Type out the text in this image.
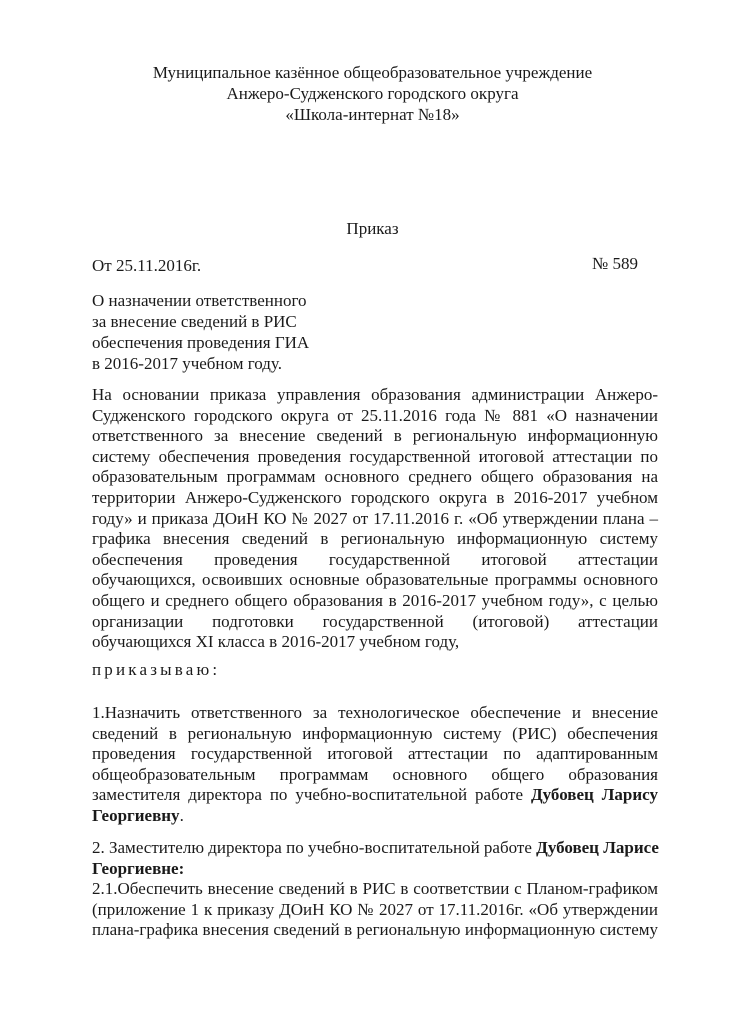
Муниципальное казённое общеобразовательное учреждение
Анжеро-Судженского городского округа
«Школа-интернат №18»
Приказ
От 25.11.2016г.	№ 589
О назначении ответственного
за внесение сведений в РИС
обеспечения проведения ГИА
в 2016-2017 учебном году.
На основании приказа управления образования администрации Анжеро-
Судженского городского округа от 25.11.2016 года № 881 «О назначении
ответственного за внесение сведений в региональную информационную
систему обеспечения проведения государственной итоговой аттестации по
образовательным программам основного среднего общего образования на
территории Анжеро-Судженского городского округа в 2016-2017 учебном
году» и приказа ДОиН КО № 2027 от 17.11.2016 г. «Об утверждении плана –
графика внесения сведений в региональную информационную систему
обеспечения проведения государственной итоговой аттестации
обучающихся, освоивших основные образовательные программы основного
общего и среднего общего образования в 2016-2017 учебном году», с целью
организации подготовки государственной (итоговой) аттестации
обучающихся XI класса в 2016-2017 учебном году,
приказываю:
1.Назначить ответственного за технологическое обеспечение и внесение
сведений в региональную информационную систему (РИС) обеспечения
проведения государственной итоговой аттестации по адаптированным
общеобразовательным программам основного общего образования
заместителя директора по учебно-воспитательной работе Дубовец Ларису
Георгиевну.
2. Заместителю директора по учебно-воспитательной работе Дубовец Ларисе
Георгиевне:
2.1.Обеспечить внесение сведений в РИС в соответствии с Планом-графиком
(приложение 1 к приказу ДОиН КО № 2027 от 17.11.2016г. «Об утверждении
плана-графика внесения сведений в региональную информационную систему
